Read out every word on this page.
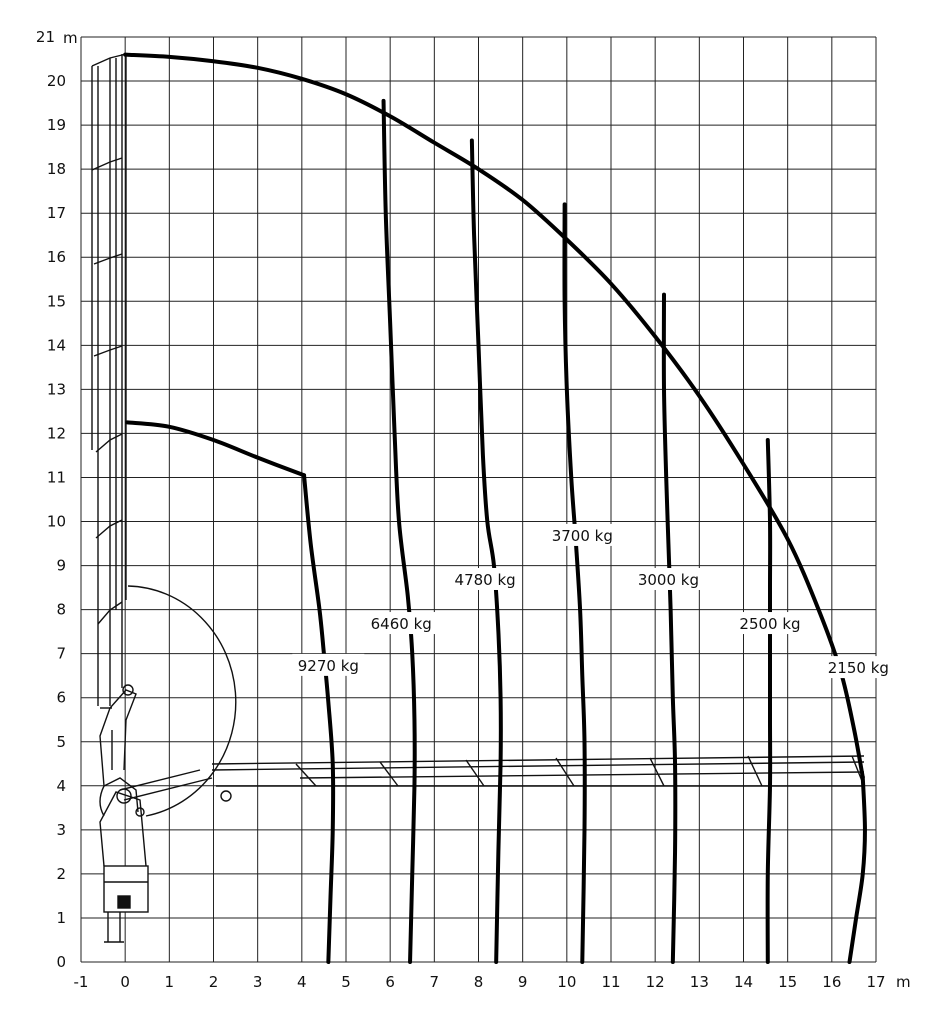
-1 0 1 2 3 4 5 6 7 8 9 10 11 12 13 14 15 16 17
0
1
2
3
4
5
6
7
8
9
10
11
12
13
14
15
16
17
18
19
20
21
m
m
9270 kg
6460 kg
4780 kg
3700 kg
3000 kg
2500 kg
2150 kg
